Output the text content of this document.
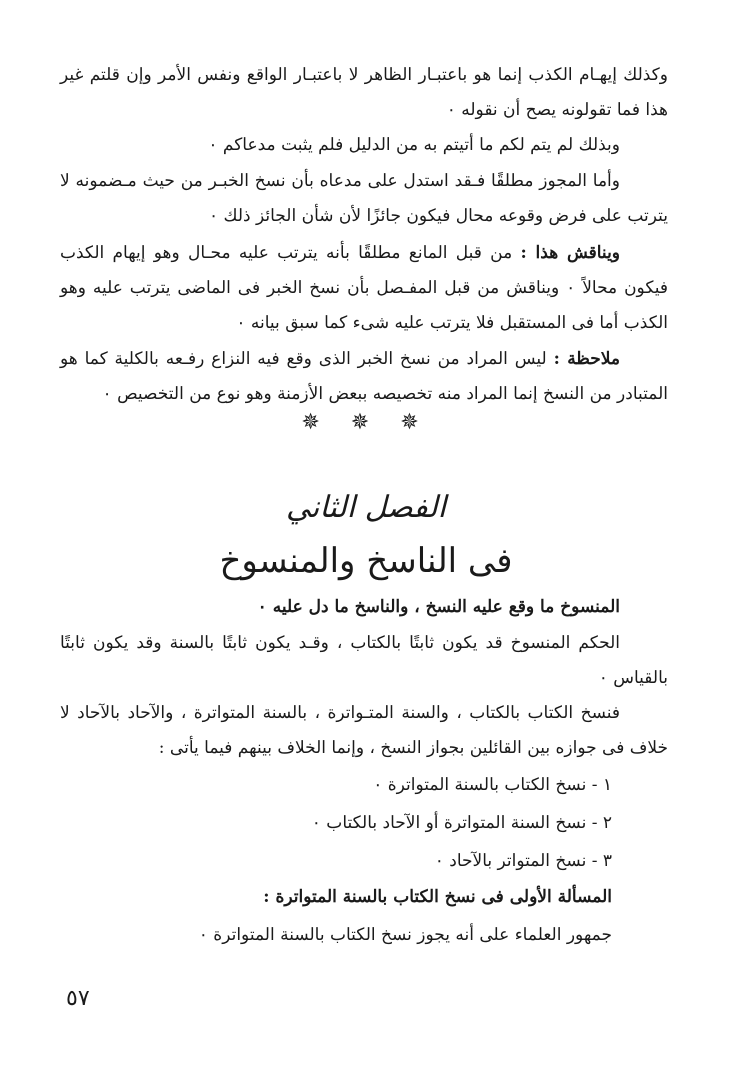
وكذلك إيهـام الكذب إنما هو باعتبـار الظاهر لا باعتبـار الواقع ونفس الأمر وإن قلتم غير هذا فما تقولونه يصح أن نقوله ٠

وبذلك لم يتم لكم ما أتيتم به من الدليل فلم يثبت مدعاكم ٠

وأما المجوز مطلقًا فـقد استدل على مدعاه بأن نسخ الخبـر من حيث مـضمونه لا يترتب على فرض وقوعه محال فيكون جائزًا لأن شأن الجائز ذلك ٠

ويناقش هذا : من قبل المانع مطلقًا بأنه يترتب عليه محـال وهو إيهام الكذب فيكون محالاً ٠ ويناقش من قبل المفـصل بأن نسخ الخبر فى الماضى يترتب عليه وهو الكذب أما فى المستقبل فلا يترتب عليه شىء كما سبق بيانه ٠

ملاحظة : ليس المراد من نسخ الخبر الذى وقع فيه النزاع رفـعه بالكلية كما هو المتبادر من النسخ إنما المراد منه تخصيصه ببعض الأزمنة وهو نوع من التخصيص ٠

✵ ✵ ✵
الفصل الثاني
فى الناسخ والمنسوخ

المنسوخ ما وقع عليه النسخ ، والناسخ ما دل عليه ٠

الحكم المنسوخ قد يكون ثابتًا بالكتاب ، وقـد يكون ثابتًا بالسنة وقد يكون ثابتًا بالقياس ٠

فنسخ الكتاب بالكتاب ، والسنة المتـواترة ، بالسنة المتواترة ، والآحاد بالآحاد لا خلاف فى جوازه بين القائلين بجواز النسخ ، وإنما الخلاف بينهم فيما يأتى :

١ - نسخ الكتاب بالسنة المتواترة ٠

٢ - نسخ السنة المتواترة أو الآحاد بالكتاب ٠

٣ - نسخ المتواتر بالآحاد ٠

المسألة الأولى فى نسخ الكتاب بالسنة المتواترة :

جمهور العلماء على أنه يجوز نسخ الكتاب بالسنة المتواترة ٠

٥٧
